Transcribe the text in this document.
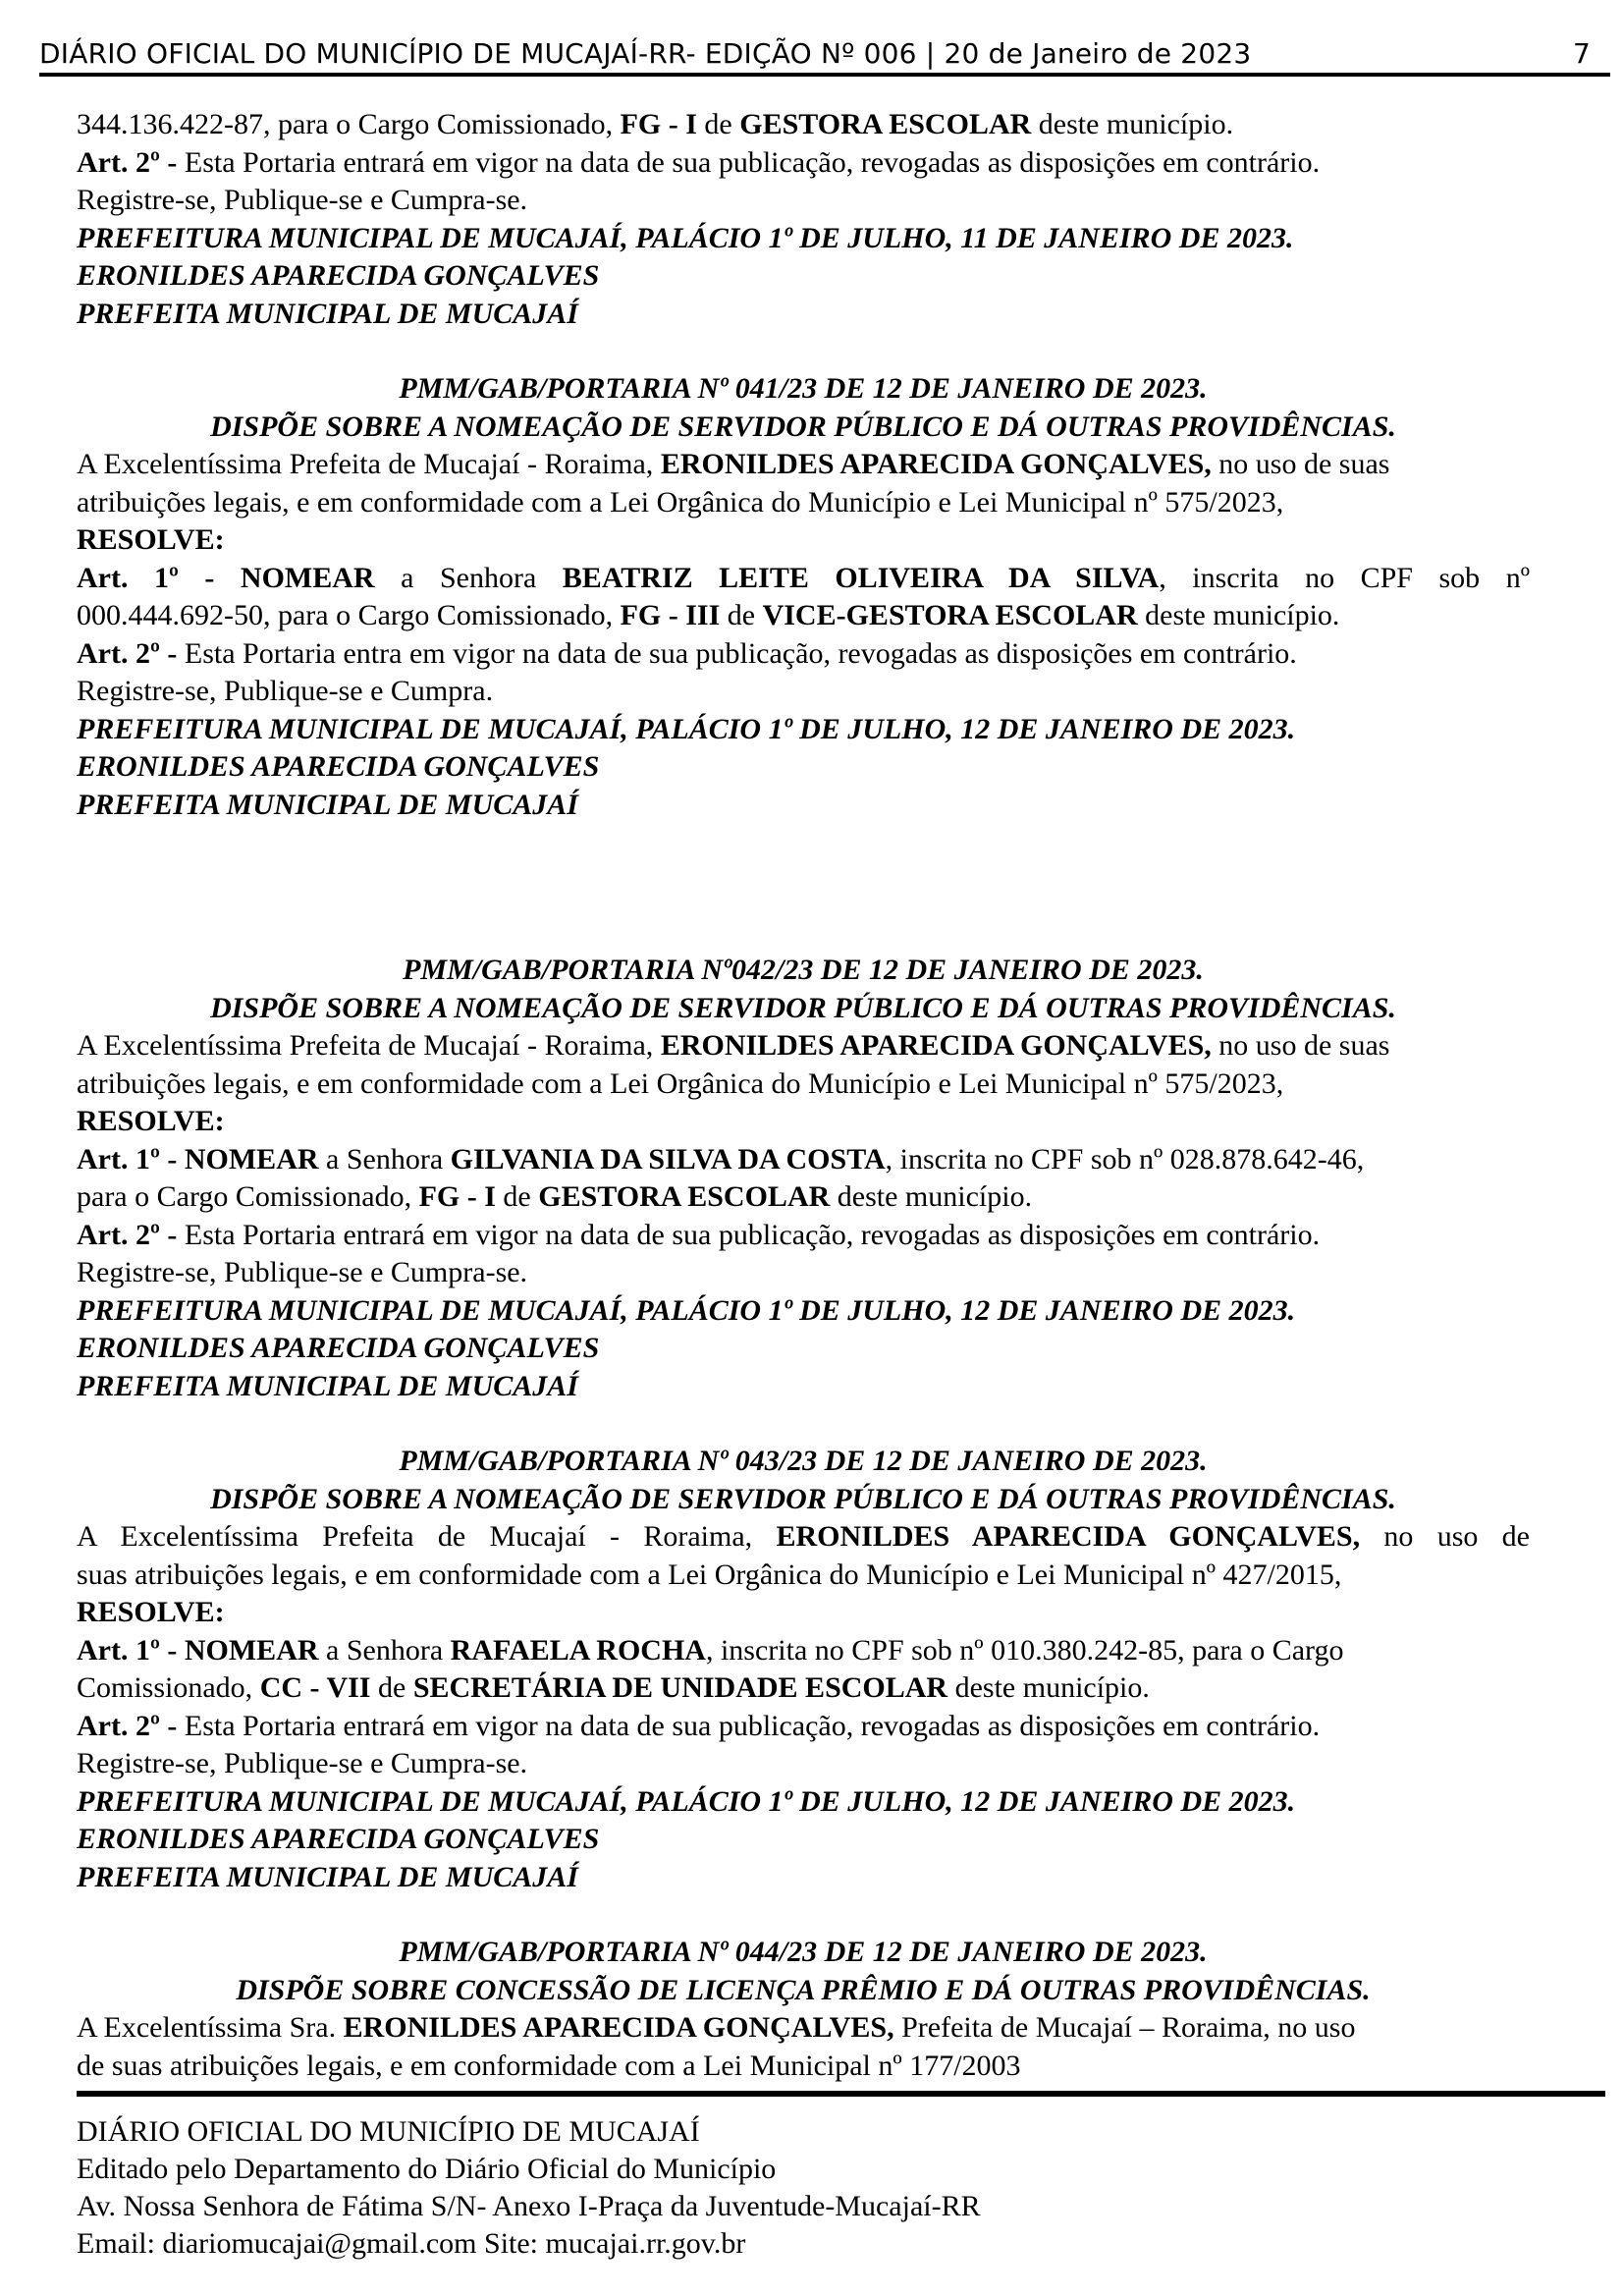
DIÁRIO OFICIAL DO MUNICÍPIO DE MUCAJAÍ-RR- EDIÇÃO Nº 006 | 20 de Janeiro de 2023	7
344.136.422-87, para o Cargo Comissionado, FG - I de GESTORA ESCOLAR deste município.
Art. 2º - Esta Portaria entrará em vigor na data de sua publicação, revogadas as disposições em contrário.
Registre-se, Publique-se e Cumpra-se.
PREFEITURA MUNICIPAL DE MUCAJAÍ, PALÁCIO 1º DE JULHO, 11 DE JANEIRO DE 2023.
ERONILDES APARECIDA GONÇALVES
PREFEITA MUNICIPAL DE MUCAJAÍ
PMM/GAB/PORTARIA Nº 041/23 DE 12 DE JANEIRO DE 2023.
DISPÕE SOBRE A NOMEAÇÃO DE SERVIDOR PÚBLICO E DÁ OUTRAS PROVIDÊNCIAS.
A Excelentíssima Prefeita de Mucajaí - Roraima, ERONILDES APARECIDA GONÇALVES, no uso de suas
atribuições legais, e em conformidade com a Lei Orgânica do Município e Lei Municipal nº 575/2023,
RESOLVE:
Art. 1º - NOMEAR a Senhora BEATRIZ LEITE OLIVEIRA DA SILVA, inscrita no CPF sob nº
000.444.692-50, para o Cargo Comissionado, FG - III de VICE-GESTORA ESCOLAR deste município.
Art. 2º - Esta Portaria entra em vigor na data de sua publicação, revogadas as disposições em contrário.
Registre-se, Publique-se e Cumpra.
PREFEITURA MUNICIPAL DE MUCAJAÍ, PALÁCIO 1º DE JULHO, 12 DE JANEIRO DE 2023.
ERONILDES APARECIDA GONÇALVES
PREFEITA MUNICIPAL DE MUCAJAÍ
PMM/GAB/PORTARIA Nº042/23 DE 12 DE JANEIRO DE 2023.
DISPÕE SOBRE A NOMEAÇÃO DE SERVIDOR PÚBLICO E DÁ OUTRAS PROVIDÊNCIAS.
A Excelentíssima Prefeita de Mucajaí - Roraima, ERONILDES APARECIDA GONÇALVES, no uso de suas
atribuições legais, e em conformidade com a Lei Orgânica do Município e Lei Municipal nº 575/2023,
RESOLVE:
Art. 1º - NOMEAR a Senhora GILVANIA DA SILVA DA COSTA, inscrita no CPF sob nº 028.878.642-46,
para o Cargo Comissionado, FG - I de GESTORA ESCOLAR deste município.
Art. 2º - Esta Portaria entrará em vigor na data de sua publicação, revogadas as disposições em contrário.
Registre-se, Publique-se e Cumpra-se.
PREFEITURA MUNICIPAL DE MUCAJAÍ, PALÁCIO 1º DE JULHO, 12 DE JANEIRO DE 2023.
ERONILDES APARECIDA GONÇALVES
PREFEITA MUNICIPAL DE MUCAJAÍ
PMM/GAB/PORTARIA Nº 043/23 DE 12 DE JANEIRO DE 2023.
DISPÕE SOBRE A NOMEAÇÃO DE SERVIDOR PÚBLICO E DÁ OUTRAS PROVIDÊNCIAS.
A Excelentíssima Prefeita de Mucajaí - Roraima, ERONILDES APARECIDA GONÇALVES, no uso de
suas atribuições legais, e em conformidade com a Lei Orgânica do Município e Lei Municipal nº 427/2015,
RESOLVE:
Art. 1º - NOMEAR a Senhora RAFAELA ROCHA, inscrita no CPF sob nº 010.380.242-85, para o Cargo
Comissionado, CC - VII de SECRETÁRIA DE UNIDADE ESCOLAR deste município.
Art. 2º - Esta Portaria entrará em vigor na data de sua publicação, revogadas as disposições em contrário.
Registre-se, Publique-se e Cumpra-se.
PREFEITURA MUNICIPAL DE MUCAJAÍ, PALÁCIO 1º DE JULHO, 12 DE JANEIRO DE 2023.
ERONILDES APARECIDA GONÇALVES
PREFEITA MUNICIPAL DE MUCAJAÍ
PMM/GAB/PORTARIA Nº 044/23 DE 12 DE JANEIRO DE 2023.
DISPÕE SOBRE CONCESSÃO DE LICENÇA PRÊMIO E DÁ OUTRAS PROVIDÊNCIAS.
A Excelentíssima Sra. ERONILDES APARECIDA GONÇALVES, Prefeita de Mucajaí – Roraima, no uso
de suas atribuições legais, e em conformidade com a Lei Municipal nº 177/2003
DIÁRIO OFICIAL DO MUNICÍPIO DE MUCAJAÍ
Editado pelo Departamento do Diário Oficial do Município
Av. Nossa Senhora de Fátima S/N- Anexo I-Praça da Juventude-Mucajaí-RR
Email: diariomucajai@gmail.com Site: mucajai.rr.gov.br
